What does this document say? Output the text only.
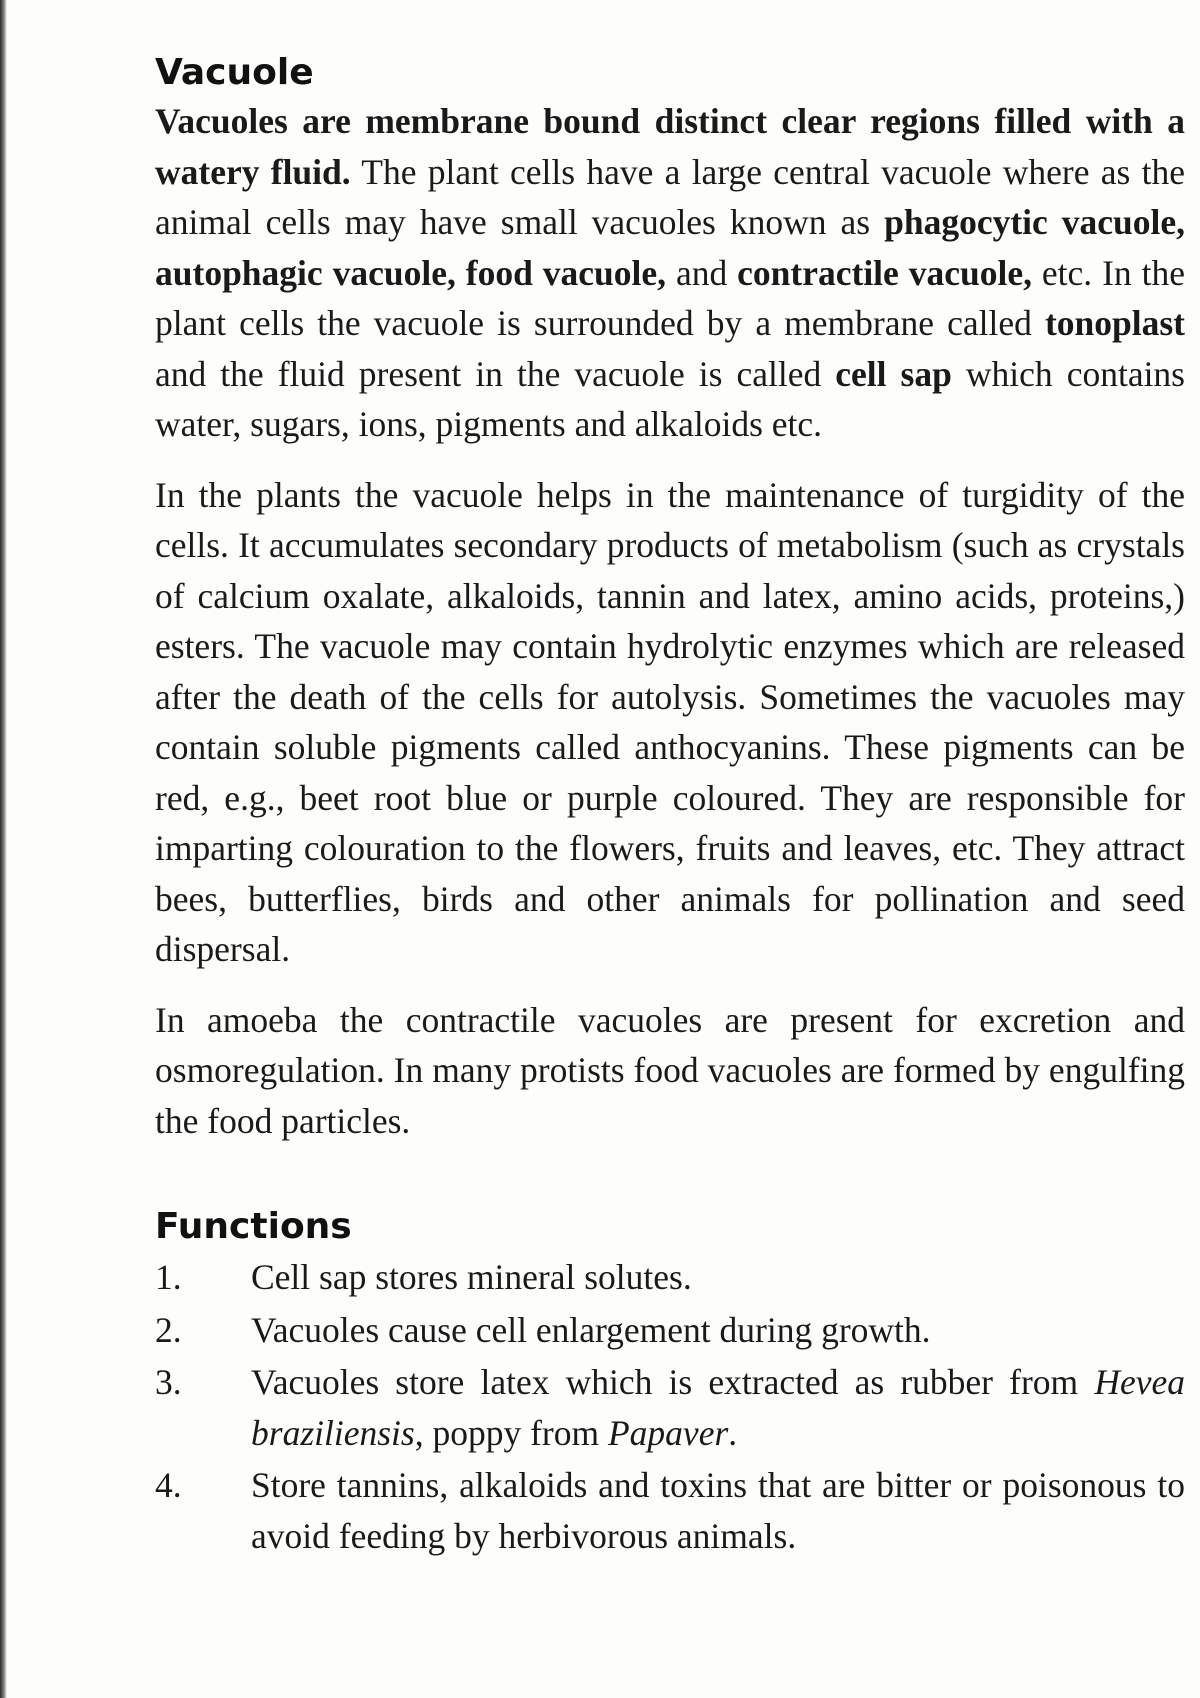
Vacuole

Vacuoles are membrane bound distinct clear regions filled with a watery fluid. The plant cells have a large central vacuole where as the animal cells may have small vacuoles known as phagocytic vacuole, autophagic vacuole, food vacuole, and contractile vacuole, etc. In the plant cells the vacuole is surrounded by a membrane called tonoplast and the fluid present in the vacuole is called cell sap which contains water, sugars, ions, pigments and alkaloids etc.

In the plants the vacuole helps in the maintenance of turgidity of the cells. It accumulates secondary products of metabolism (such as crystals of calcium oxalate, alkaloids, tannin and latex, amino acids, proteins,) esters. The vacuole may contain hydrolytic enzymes which are released after the death of the cells for autolysis. Sometimes the vacuoles may contain soluble pigments called anthocyanins. These pigments can be red, e.g., beet root blue or purple coloured. They are responsible for imparting colouration to the flowers, fruits and leaves, etc. They attract bees, butterflies, birds and other animals for pollination and seed dispersal.

In amoeba the contractile vacuoles are present for excretion and osmoregulation. In many protists food vacuoles are formed by engulfing the food particles.

Functions
1.	Cell sap stores mineral solutes.
2.	Vacuoles cause cell enlargement during growth.
3.	Vacuoles store latex which is extracted as rubber from Hevea braziliensis, poppy from Papaver.
4.	Store tannins, alkaloids and toxins that are bitter or poisonous to avoid feeding by herbivorous animals.
